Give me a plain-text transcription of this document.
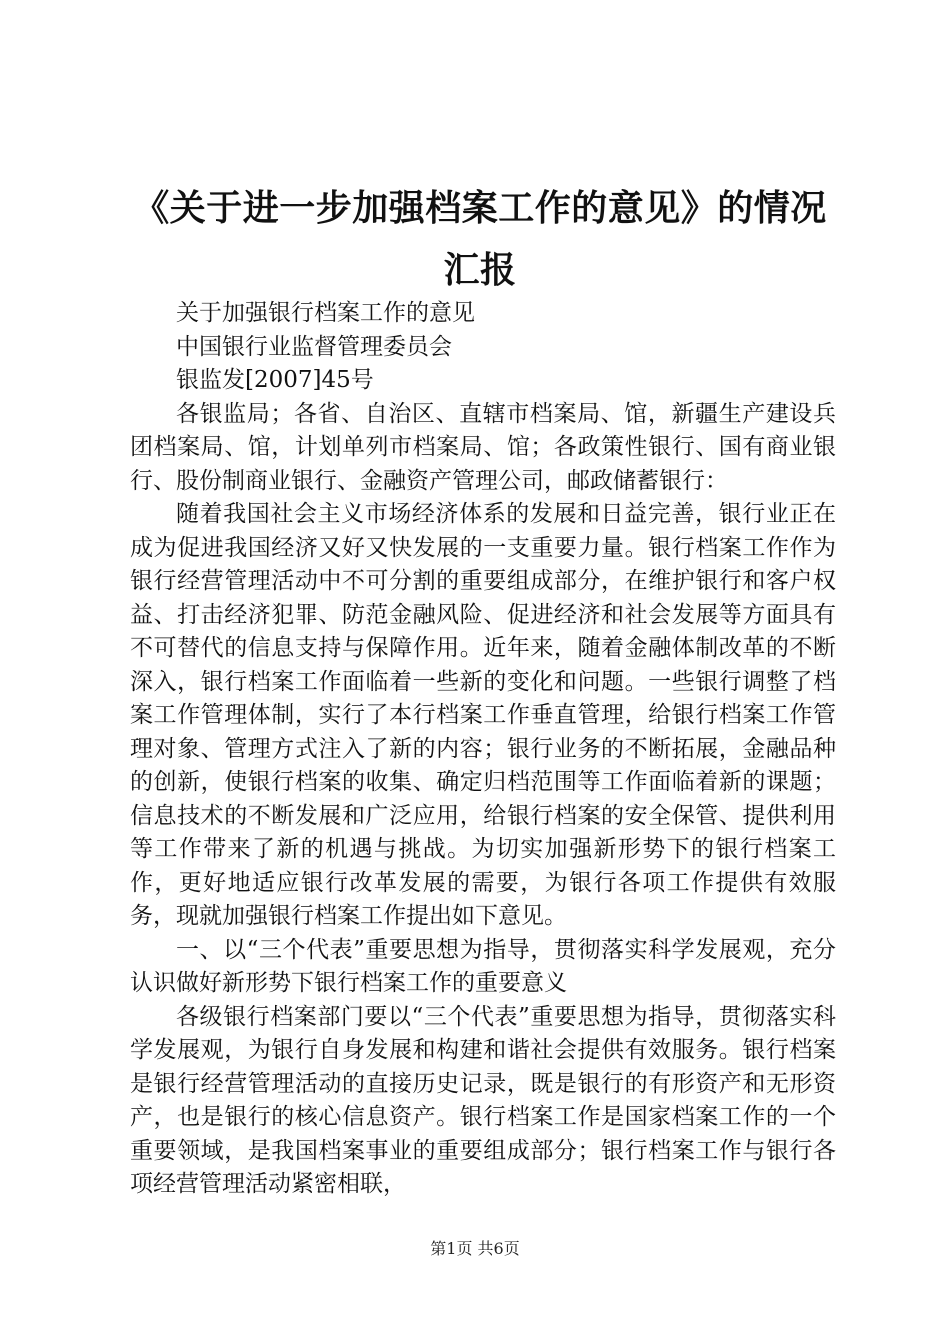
《关于进一步加强档案工作的意见》的情况汇报

关于加强银行档案工作的意见

中国银行业监督管理委员会

银监发[2007]45号

各银监局；各省、自治区、直辖市档案局、馆，新疆生产建设兵团档案局、馆，计划单列市档案局、馆；各政策性银行、国有商业银行、股份制商业银行、金融资产管理公司，邮政储蓄银行：

随着我国社会主义市场经济体系的发展和日益完善，银行业正在成为促进我国经济又好又快发展的一支重要力量。银行档案工作作为银行经营管理活动中不可分割的重要组成部分，在维护银行和客户权益、打击经济犯罪、防范金融风险、促进经济和社会发展等方面具有不可替代的信息支持与保障作用。近年来，随着金融体制改革的不断深入，银行档案工作面临着一些新的变化和问题。一些银行调整了档案工作管理体制，实行了本行档案工作垂直管理，给银行档案工作管理对象、管理方式注入了新的内容；银行业务的不断拓展，金融品种的创新，使银行档案的收集、确定归档范围等工作面临着新的课题；信息技术的不断发展和广泛应用，给银行档案的安全保管、提供利用等工作带来了新的机遇与挑战。为切实加强新形势下的银行档案工作，更好地适应银行改革发展的需要，为银行各项工作提供有效服务，现就加强银行档案工作提出如下意见。

一、以“三个代表”重要思想为指导，贯彻落实科学发展观，充分认识做好新形势下银行档案工作的重要意义

各级银行档案部门要以“三个代表”重要思想为指导，贯彻落实科学发展观，为银行自身发展和构建和谐社会提供有效服务。银行档案是银行经营管理活动的直接历史记录，既是银行的有形资产和无形资产，也是银行的核心信息资产。银行档案工作是国家档案工作的一个重要领域，是我国档案事业的重要组成部分；银行档案工作与银行各项经营管理活动紧密相联，

第1页 共6页
